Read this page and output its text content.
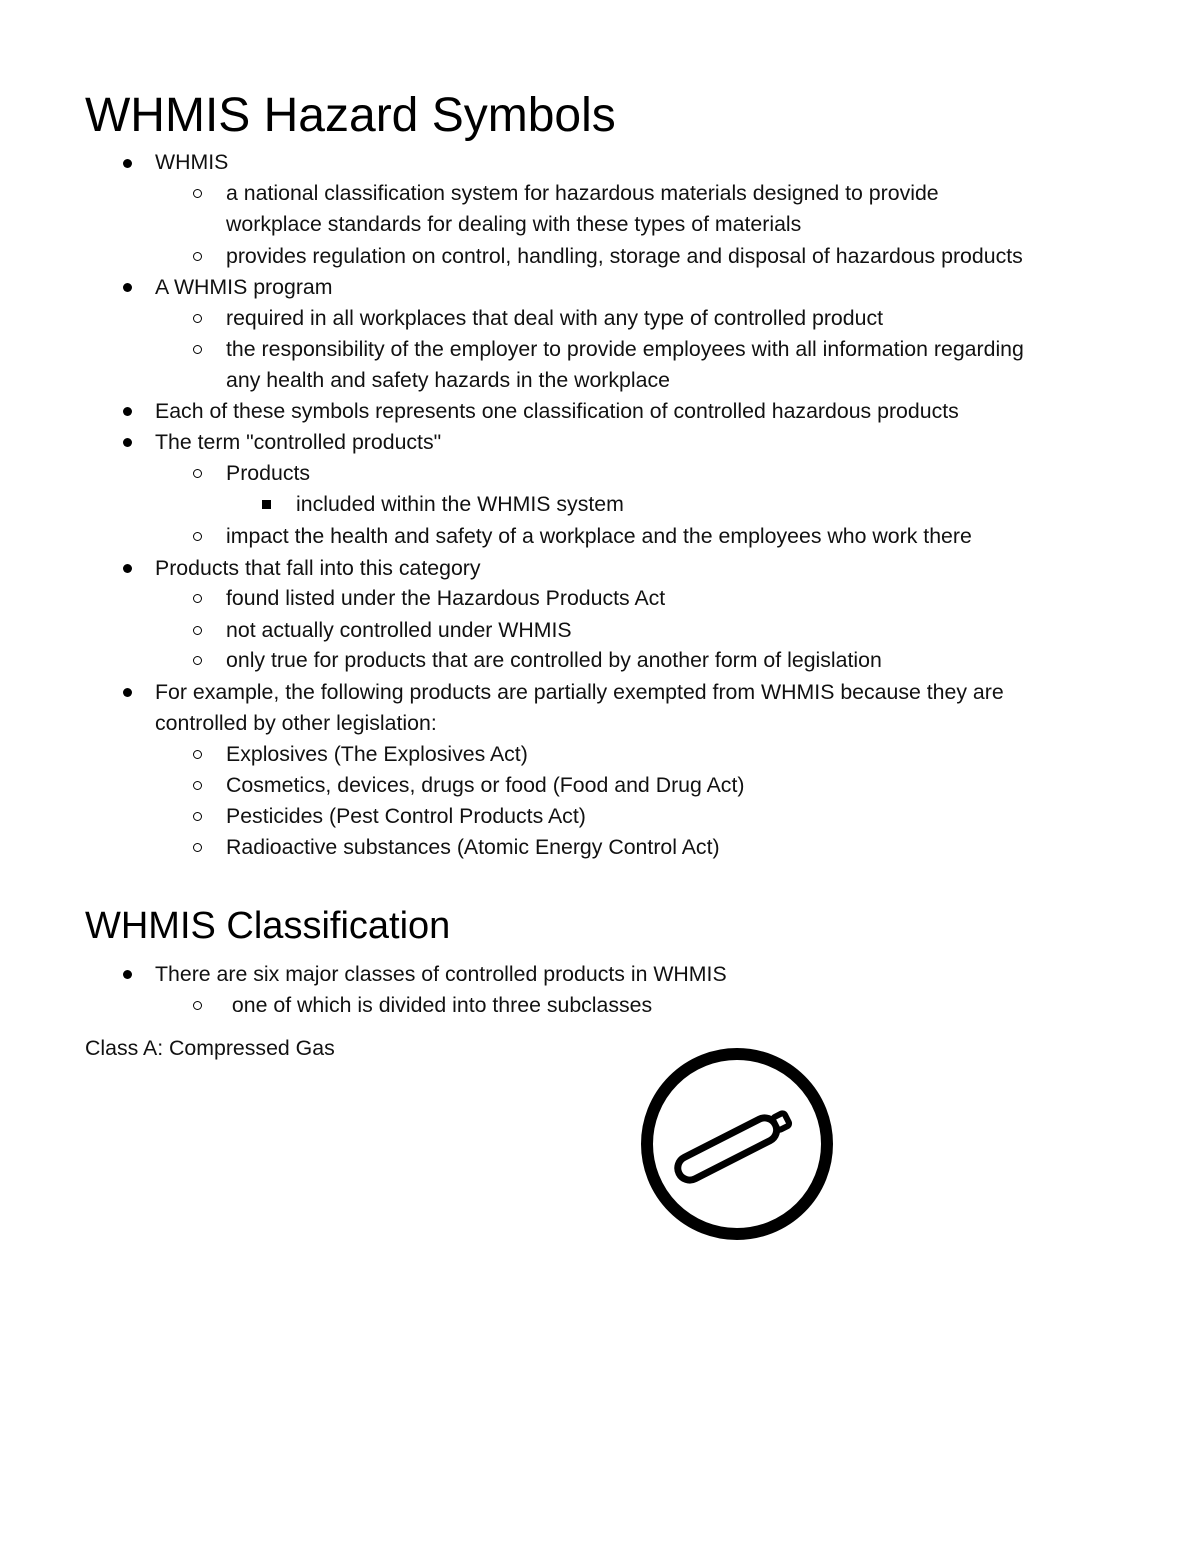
WHMIS Hazard Symbols
WHMIS
a national classification system for hazardous materials designed to provide
workplace standards for dealing with these types of materials
provides regulation on control, handling, storage and disposal of hazardous products
A WHMIS program
required in all workplaces that deal with any type of controlled product
the responsibility of the employer to provide employees with all information regarding
any health and safety hazards in the workplace
Each of these symbols represents one classification of controlled hazardous products
The term "controlled products"
Products
included within the WHMIS system
impact the health and safety of a workplace and the employees who work there
Products that fall into this category
found listed under the Hazardous Products Act
not actually controlled under WHMIS
only true for products that are controlled by another form of legislation
For example, the following products are partially exempted from WHMIS because they are
controlled by other legislation:
Explosives (The Explosives Act)
Cosmetics, devices, drugs or food (Food and Drug Act)
Pesticides (Pest Control Products Act)
Radioactive substances (Atomic Energy Control Act)
WHMIS Classification
There are six major classes of controlled products in WHMIS
one of which is divided into three subclasses
Class A: Compressed Gas
